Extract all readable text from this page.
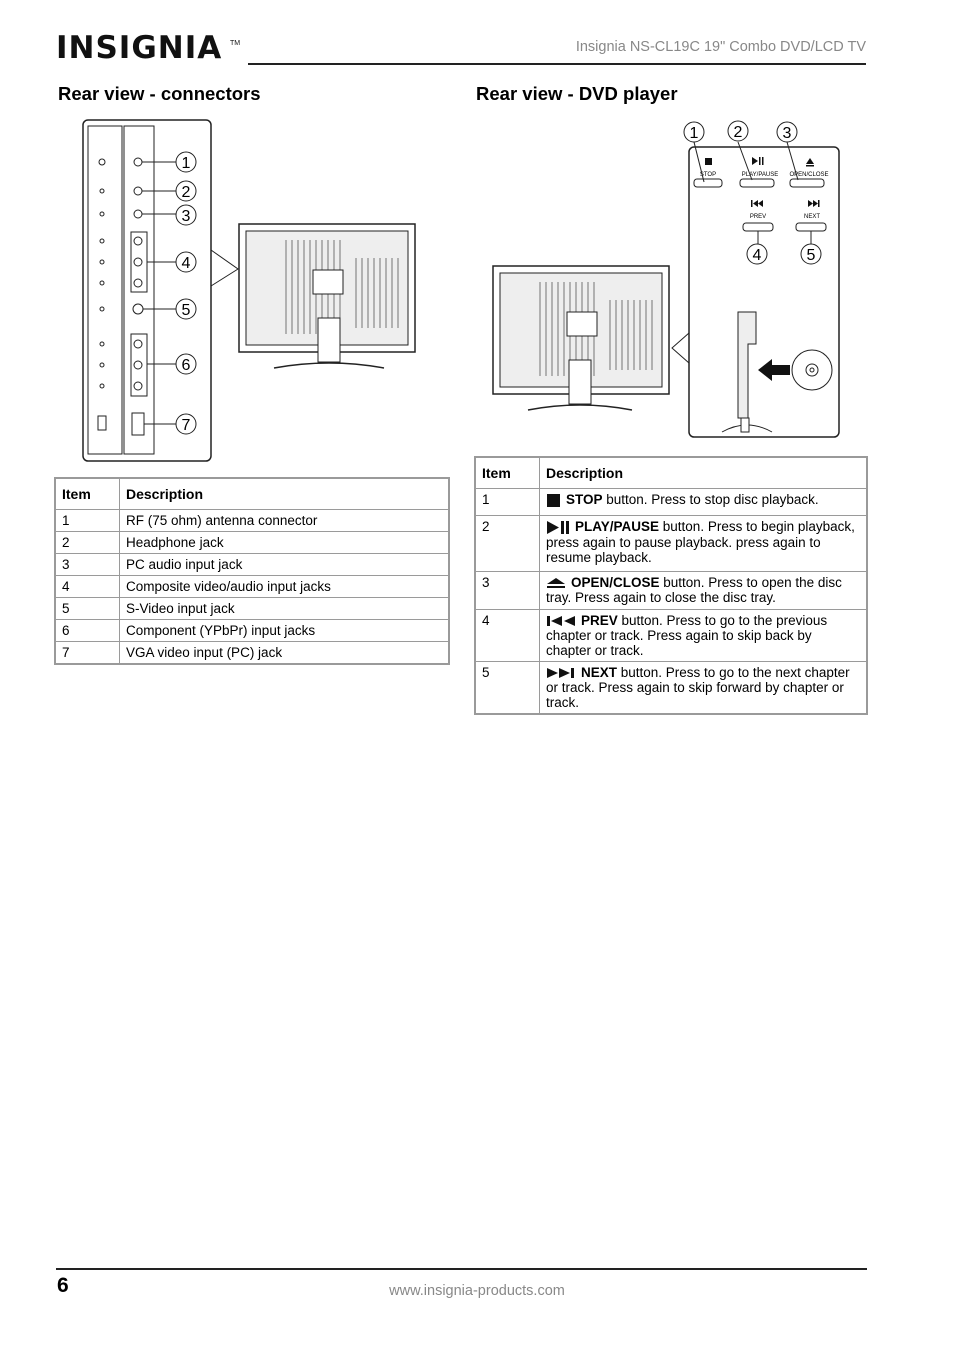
INSIGNIA TM	Insignia NS-CL19C 19" Combo DVD/LCD TV
Rear view - connectors	Rear view - DVD player
1
2
3
4
5
6
7
STOP	PLAY/PAUSE OPEN/CLOSE
PREV	NEXT
1 2	3
4	5
Item	Description
1	RF (75 ohm) antenna connector
2	Headphone jack
3	PC audio input jack
4	Composite video/audio input jacks
5	S-Video input jack
6	Component (YPbPr) input jacks
7	VGA video input (PC) jack
Item	Description
1	STOP button. Press to stop disc playback.
2	PLAY/PAUSE button. Press to begin playback, press again to pause playback. press again to resume playback.
3	OPEN/CLOSE button. Press to open the disc tray. Press again to close the disc tray.
4	PREV button. Press to go to the previous chapter or track. Press again to skip back by chapter or track.
5	NEXT button. Press to go to the next chapter or track. Press again to skip forward by chapter or track.
6	www.insignia-products.com
